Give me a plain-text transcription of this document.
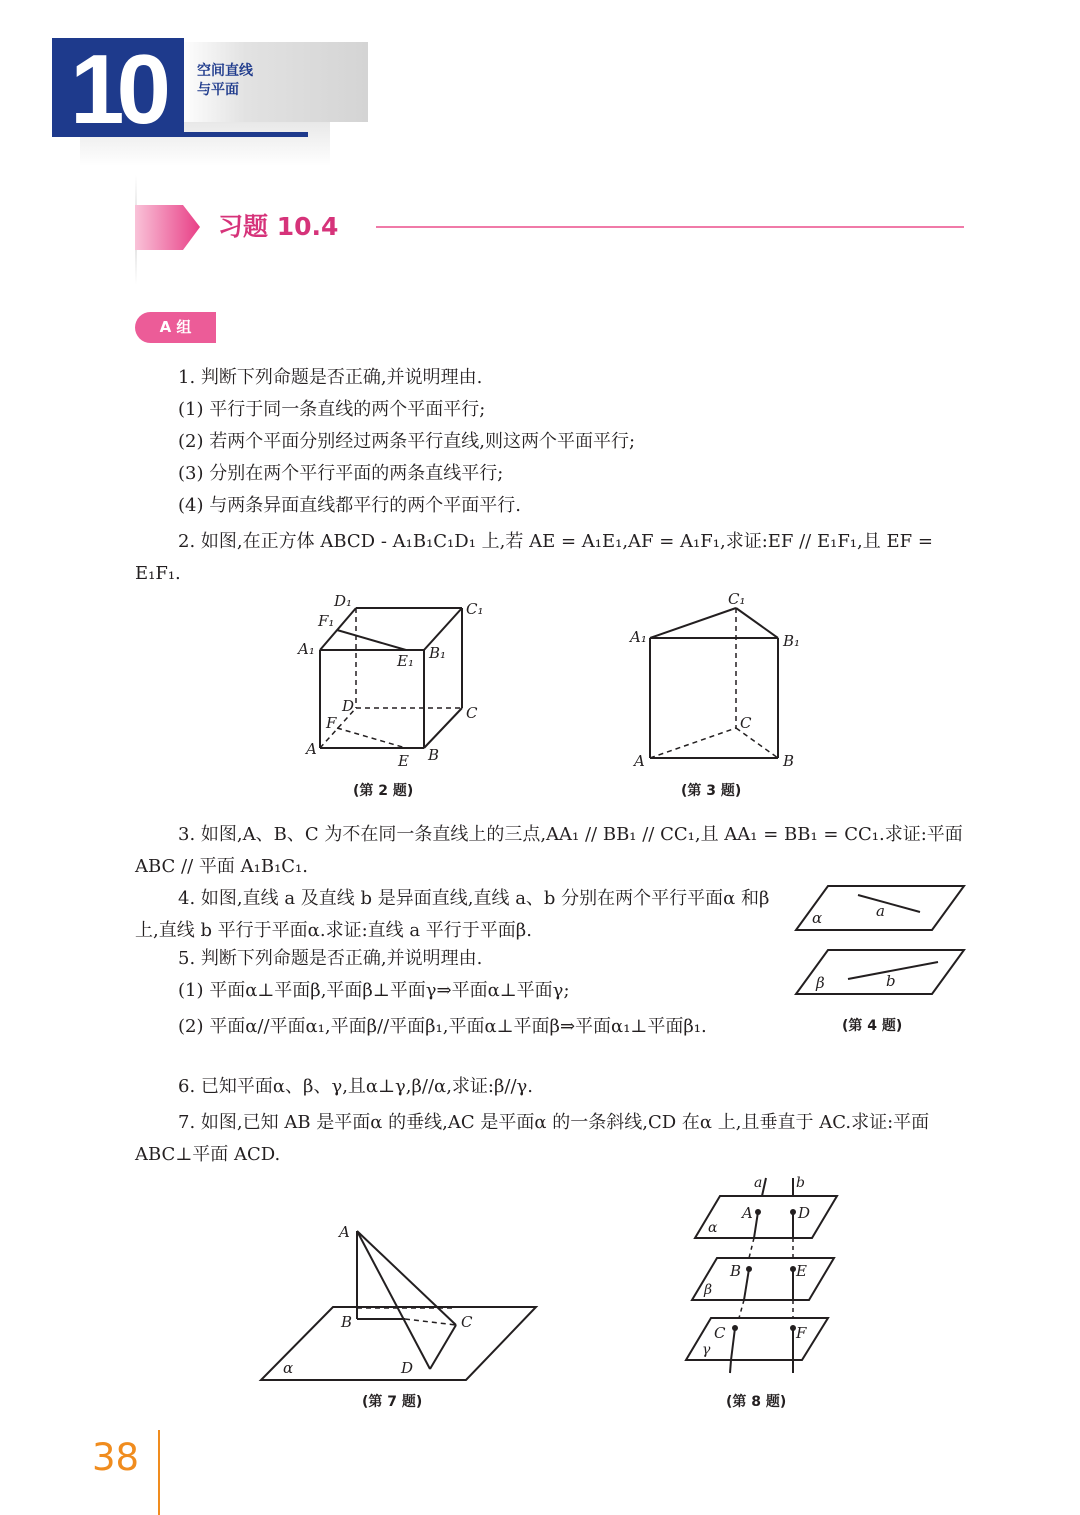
10 空间直线
与平面
习题 10.4
A 组
1. 判断下列命题是否正确,并说明理由.
(1) 平行于同一条直线的两个平面平行;
(2) 若两个平面分别经过两条平行直线,则这两个平面平行;
(3) 分别在两个平行平面的两条直线平行;
(4) 与两条异面直线都平行的两个平面平行.
2. 如图,在正方体 ABCD - A₁B₁C₁D₁ 上,若 AE = A₁E₁,AF = A₁F₁,求证:EF // E₁F₁,且 EF = E₁F₁.
D₁	C₁
F₁
A₁
E₁ B₁
D	C
F
A
E B
(第 2 题)
C₁
A₁	B₁
C
A	B
(第 3 题)
3. 如图,A、B、C 为不在同一条直线上的三点,AA₁ // BB₁ // CC₁,且 AA₁ = BB₁ = CC₁.求证:平面 ABC // 平面 A₁B₁C₁.
4. 如图,直线 a 及直线 b 是异面直线,直线 a、b 分别在两个平行平面α 和β 上,直线 b 平行于平面α.求证:直线 a 平行于平面β.
α	a
β	b
5. 判断下列命题是否正确,并说明理由.
(1) 平面α⊥平面β,平面β⊥平面γ⇒平面α⊥平面γ;
(2) 平面α//平面α₁,平面β//平面β₁,平面α⊥平面β⇒平面α₁⊥平面β₁.	(第 4 题)
6. 已知平面α、β、γ,且α⊥γ,β//α,求证:β//γ.
7. 如图,已知 AB 是平面α 的垂线,AC 是平面α 的一条斜线,CD 在α 上,且垂直于 AC.求证:平面 ABC⊥平面 ACD.
A
B	C
D
α
(第 7 题)
a b
A	D
α
B	E
β
C	F
γ
(第 8 题)
38
